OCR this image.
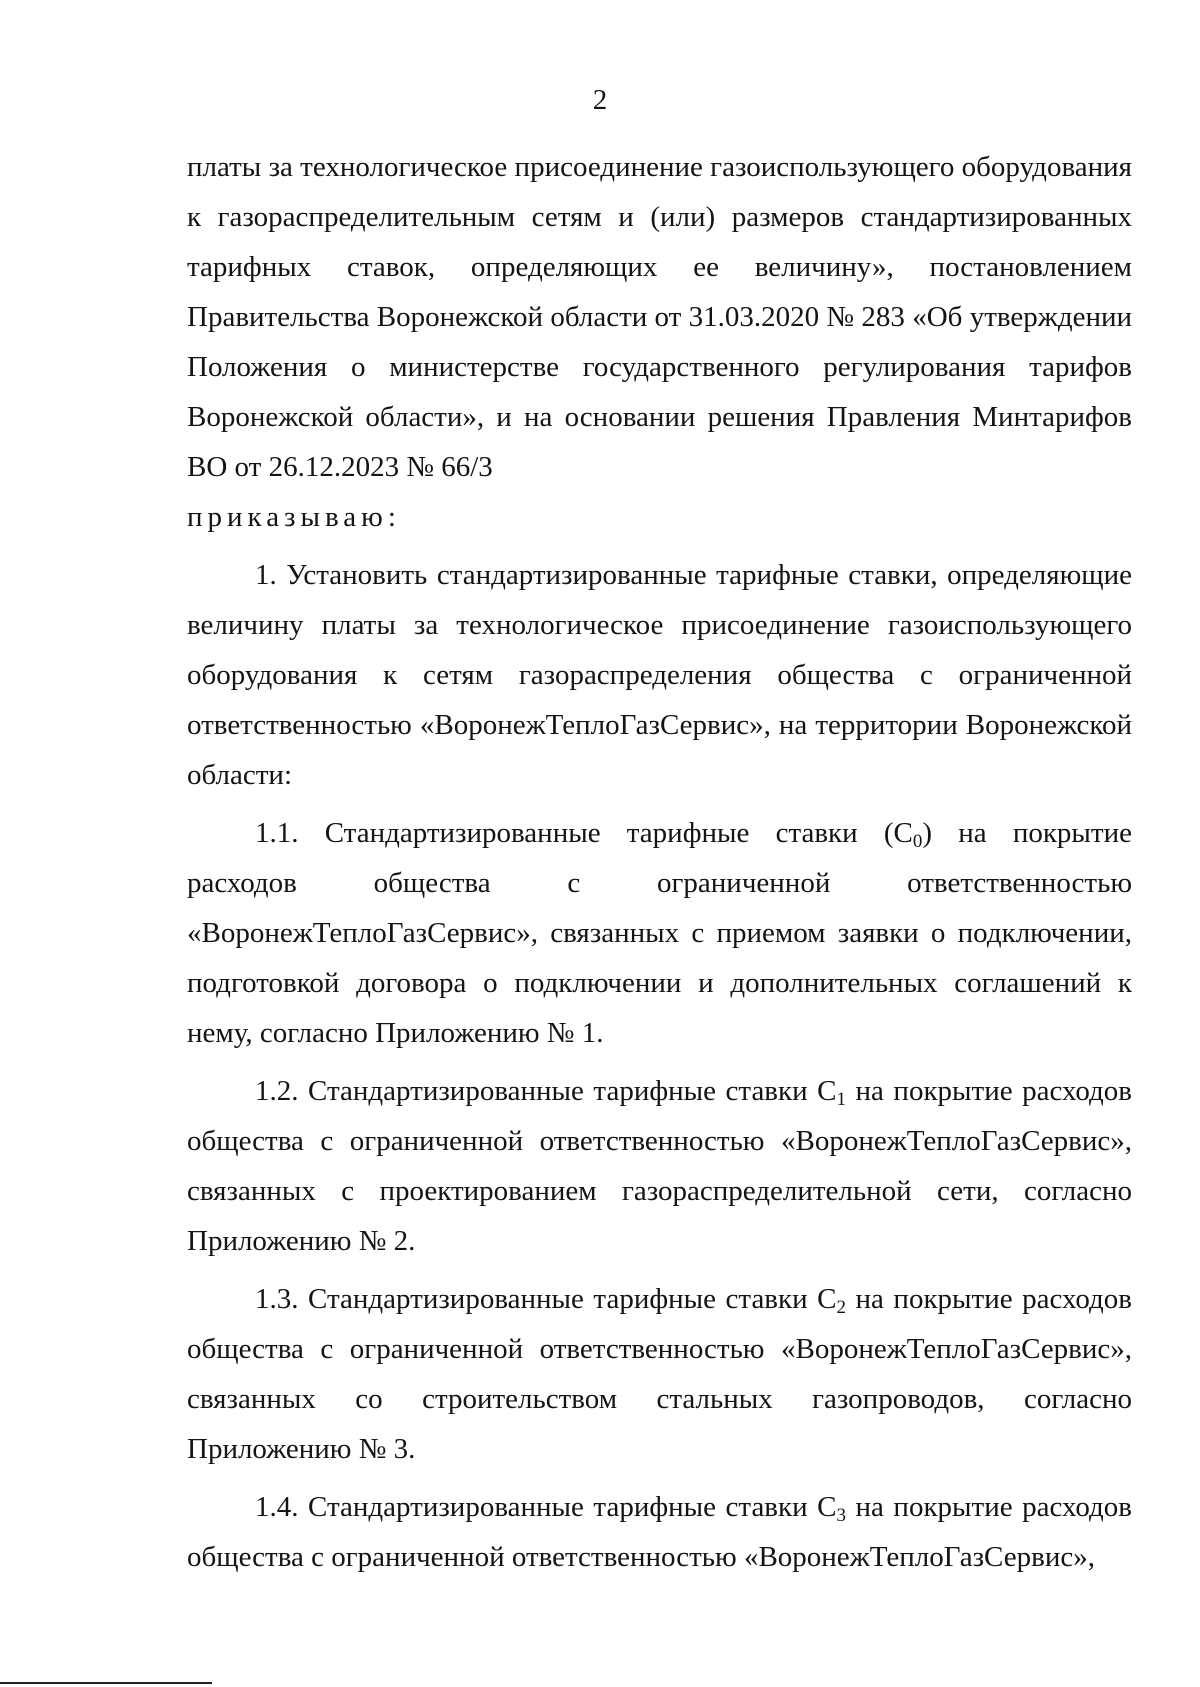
2

платы за технологическое присоединение газоиспользующего оборудования к газораспределительным сетям и (или) размеров стандартизированных тарифных ставок, определяющих ее величину», постановлением Правительства Воронежской области от 31.03.2020 № 283 «Об утверждении Положения о министерстве государственного регулирования тарифов Воронежской области», и на основании решения Правления Минтарифов ВО от 26.12.2023 № 66/3

приказываю:

1. Установить стандартизированные тарифные ставки, определяющие величину платы за технологическое присоединение газоиспользующего оборудования к сетям газораспределения общества с ограниченной ответственностью «ВоронежТеплоГазСервис», на территории Воронежской области:

1.1. Стандартизированные тарифные ставки $(С_0)$ на покрытие расходов общества с ограниченной ответственностью «ВоронежТеплоГазСервис», связанных с приемом заявки о подключении, подготовкой договора о подключении и дополнительных соглашений к нему, согласно Приложению № 1.

1.2. Стандартизированные тарифные ставки $С_1$ на покрытие расходов общества с ограниченной ответственностью «ВоронежТеплоГазСервис», связанных с проектированием газораспределительной сети, согласно Приложению № 2.

1.3. Стандартизированные тарифные ставки $С_2$ на покрытие расходов общества с ограниченной ответственностью «ВоронежТеплоГазСервис», связанных со строительством стальных газопроводов, согласно Приложению № 3.

1.4. Стандартизированные тарифные ставки $С_3$ на покрытие расходов общества с ограниченной ответственностью «ВоронежТеплоГазСервис»,
